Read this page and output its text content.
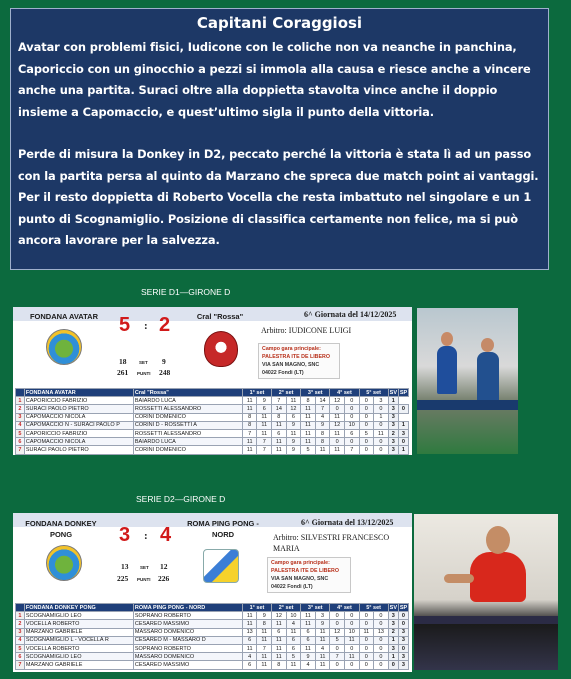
Capitani Coraggiosi

Avatar con problemi fisici, Iudicone con le coliche non va neanche in panchina, Caporiccio con un ginocchio a pezzi si immola alla causa e riesce anche a vincere anche una partita. Suraci oltre alla doppietta stavolta vince anche il doppio insieme a Capomaccio, e quest’ultimo sigla il punto della vittoria.

Perde di misura la Donkey in D2, peccato perché la vittoria è stata lì ad un passo con la partita persa al quinto da Marzano che spreca due match point ai vantaggi. Per il resto doppietta di Roberto Vocella che resta imbattuto nel singolare e un 1 punto di Scognamiglio. Posizione di classifica certamente non felice, ma si può ancora lavorare per la salvezza.

SERIE D1—GIRONE D
FONDANA AVATAR	5 : 2
18	SET 9
261 PUNTI 248
Cral "Rossa"	6^ Giornata del 14/12/2025
Arbitro: IUDICONE LUIGI
Campo gara principale:
PALESTRA ITE DE LIBERO
VIA SAN MAGNO, SNC
04022 Fondi (LT)
	FONDANA AVATAR	Cral "Rossa"	1° set		2° set		3° set		4° set		5° set		SV	SP
1	CAPORICCIO FABRIZIO	BAIARDO LUCA	11	9	7	11	8	14	12	0	0	3	1	
2	SURACI PAOLO PIETRO	ROSSETTI ALESSANDRO	11	6	14	12	11	7	0	0	0	0	3	0
3	CAPOMACCIO NICOLA	CORINI DOMENICO	8	11	8	6	11	4	11	0	0	1	3	
4	CAPOMACCIO N - SURACI PAOLO P	CORINI D - ROSSETTI A	8	11	11	9	11	9	12	10	0	0	3	1
5	CAPORICCIO FABRIZIO	ROSSETTI ALESSANDRO	7	11	6	11	11	8	11	6	5	11	2	3
6	CAPOMACCIO NICOLA	BAIARDO LUCA	11	7	11	9	11	8	0	0	0	0	3	0
7	SURACI PAOLO PIETRO	CORINI DOMENICO	11	7	11	9	5	11	11	7	0	0	3	1
SERIE D2—GIRONE D
FONDANA DONKEY PONG	3 : 4
13	SET 12
225 PUNTI 226
ROMA PING PONG - NORD
6^ Giornata del 13/12/2025
Arbitro: SILVESTRI FRANCESCO MARIA
Campo gara principale:
PALESTRA ITE DE LIBERO
VIA SAN MAGNO, SNC
04022 Fondi (LT)
	FONDANA DONKEY PONG	ROMA PING PONG - NORD	1° set		2° set		3° set		4° set		5° set		SV	SP
1	SCOGNAMIGLIO LEO	SOPRANO ROBERTO	11	9	12	10	11	3	0	0	0	0	3	0
2	VOCELLA ROBERTO	CESAREO MASSIMO	11	8	11	4	11	9	0	0	0	0	3	0
3	MARZANO GABRIELE	MASSARO DOMENICO	13	11	6	11	6	11	12	10	11	13	2	3
4	SCOGNAMIGLIO L - VOCELLA R	CESAREO M - MASSARO D	6	11	11	6	6	11	5	11	0	0	1	3
5	VOCELLA ROBERTO	SOPRANO ROBERTO	11	7	11	6	11	4	0	0	0	0	3	0
6	SCOGNAMIGLIO LEO	MASSARO DOMENICO	4	11	11	5	9	11	7	11	0	0	1	3
7	MARZANO GABRIELE	CESAREO MASSIMO	6	11	8	11	4	11	0	0	0	0	0	3
